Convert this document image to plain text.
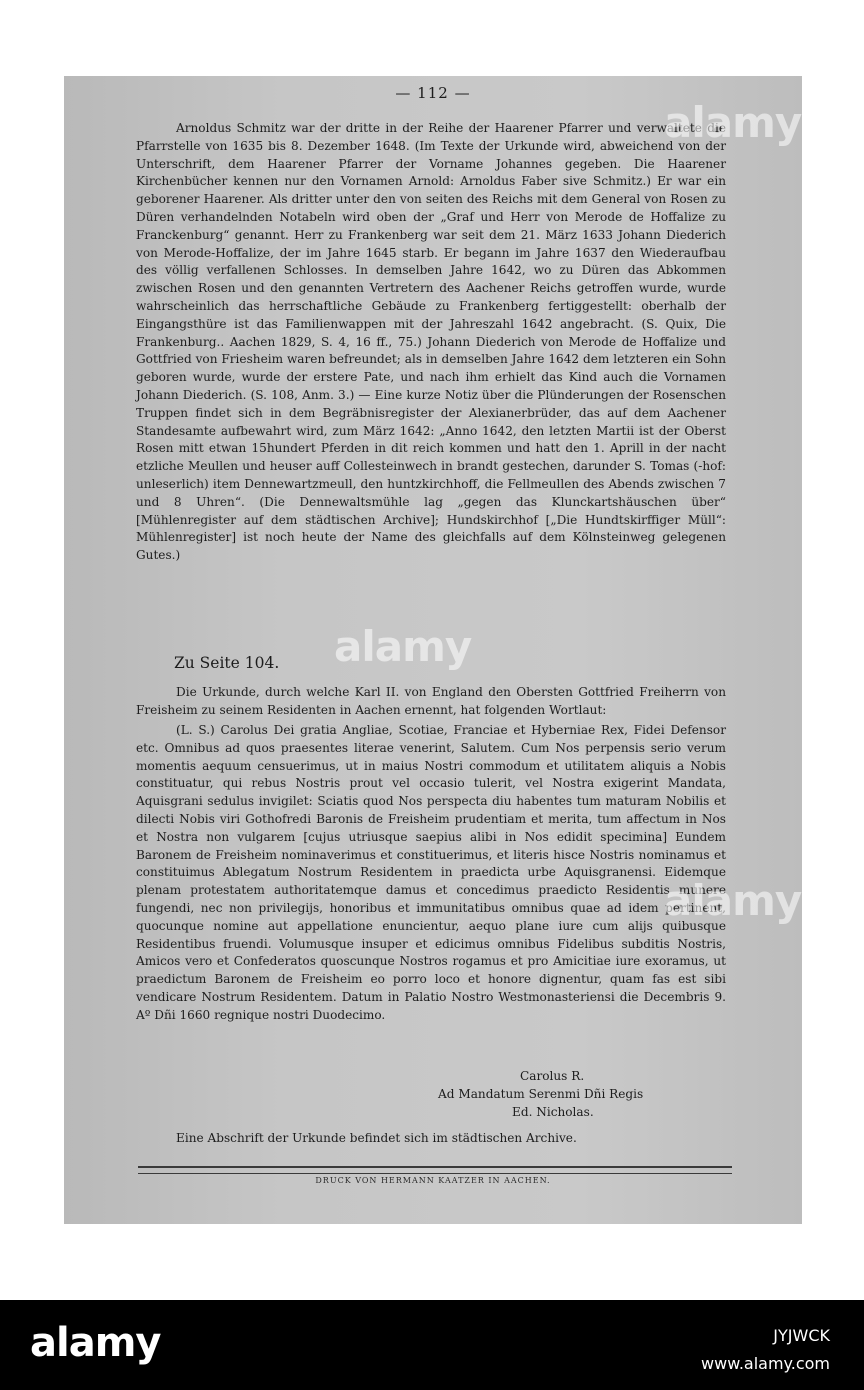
— 112 —

Arnoldus Schmitz war der dritte in der Reihe der Haarener Pfarrer und verwaltete die Pfarrstelle von 1635 bis 8. Dezember 1648. (Im Texte der Urkunde wird, abweichend von der Unterschrift, dem Haarener Pfarrer der Vorname Johannes gegeben. Die Haarener Kirchenbücher kennen nur den Vornamen Arnold: Arnoldus Faber sive Schmitz.) Er war ein geborener Haarener. Als dritter unter den von seiten des Reichs mit dem General von Rosen zu Düren verhandelnden Notabeln wird oben der „Graf und Herr von Merode de Hoffalize zu Franckenburg“ genannt. Herr zu Frankenberg war seit dem 21. März 1633 Johann Diederich von Merode-Hoffalize, der im Jahre 1645 starb. Er begann im Jahre 1637 den Wiederaufbau des völlig verfallenen Schlosses. In demselben Jahre 1642, wo zu Düren das Abkommen zwischen Rosen und den genannten Vertretern des Aachener Reichs getroffen wurde, wurde wahrscheinlich das herrschaftliche Gebäude zu Frankenberg fertiggestellt: oberhalb der Eingangsthüre ist das Familienwappen mit der Jahreszahl 1642 angebracht. (S. Quix, Die Frankenburg.. Aachen 1829, S. 4, 16 ff., 75.) Johann Diederich von Merode de Hoffalize und Gottfried von Friesheim waren befreundet; als in demselben Jahre 1642 dem letzteren ein Sohn geboren wurde, wurde der erstere Pate, und nach ihm erhielt das Kind auch die Vornamen Johann Diederich. (S. 108, Anm. 3.) — Eine kurze Notiz über die Plünderungen der Rosenschen Truppen findet sich in dem Begräbnisregister der Alexianerbrüder, das auf dem Aachener Standesamte aufbewahrt wird, zum März 1642: „Anno 1642, den letzten Martii ist der Oberst Rosen mitt etwan 15hundert Pferden in dit reich kommen und hatt den 1. Aprill in der nacht etzliche Meullen und heuser auff Collesteinwech in brandt gestechen, darunder S. Tomas (-hof: unleserlich) item Dennewartzmeull, den huntzkirchhoff, die Fellmeullen des Abends zwischen 7 und 8 Uhren“. (Die Dennewaltsmühle lag „gegen das Klunckartshäuschen über“ [Mühlenregister auf dem städtischen Archive]; Hundskirchhof [„Die Hundtskirffiger Müll“: Mühlenregister] ist noch heute der Name des gleichfalls auf dem Kölnsteinweg gelegenen Gutes.)

Zu Seite 104.

Die Urkunde, durch welche Karl II. von England den Obersten Gottfried Freiherrn von Freisheim zu seinem Residenten in Aachen ernennt, hat folgenden Wortlaut:

(L. S.) Carolus Dei gratia Angliae, Scotiae, Franciae et Hyberniae Rex, Fidei Defensor etc. Omnibus ad quos praesentes literae venerint, Salutem. Cum Nos perpensis serio verum momentis aequum censuerimus, ut in maius Nostri commodum et utilitatem aliquis a Nobis constituatur, qui rebus Nostris prout vel occasio tulerit, vel Nostra exigerint Mandata, Aquisgrani sedulus invigilet: Sciatis quod Nos perspecta diu habentes tum maturam Nobilis et dilecti Nobis viri Gothofredi Baronis de Freisheim prudentiam et merita, tum affectum in Nos et Nostra non vulgarem [cujus utriusque saepius alibi in Nos edidit specimina] Eundem Baronem de Freisheim nominaverimus et constituerimus, et literis hisce Nostris nominamus et constituimus Ablegatum Nostrum Residentem in praedicta urbe Aquisgranensi. Eidemque plenam protestatem authoritatemque damus et concedimus praedicto Residentis munere fungendi, nec non privilegijs, honoribus et immunitatibus omnibus quae ad idem pertinent, quocunque nomine aut appellatione enuncientur, aequo plane iure cum alijs quibusque Residentibus fruendi. Volumusque insuper et edicimus omnibus Fidelibus subditis Nostris, Amicos vero et Confederatos quoscunque Nostros rogamus et pro Amicitiae iure exoramus, ut praedictum Baronem de Freisheim eo porro loco et honore dignentur, quam fas est sibi vendicare Nostrum Residentem. Datum in Palatio Nostro Westmonasteriensi die Decembris 9. Aº Dñi 1660 regnique nostri Duodecimo.

Carolus R.
Ad Mandatum Serenmi Dñi Regis
Ed. Nicholas.

Eine Abschrift der Urkunde befindet sich im städtischen Archive.

DRUCK VON HERMANN KAATZER IN AACHEN.
alamy
alamy
alamy
alamy	JYJWCK
www.alamy.com
